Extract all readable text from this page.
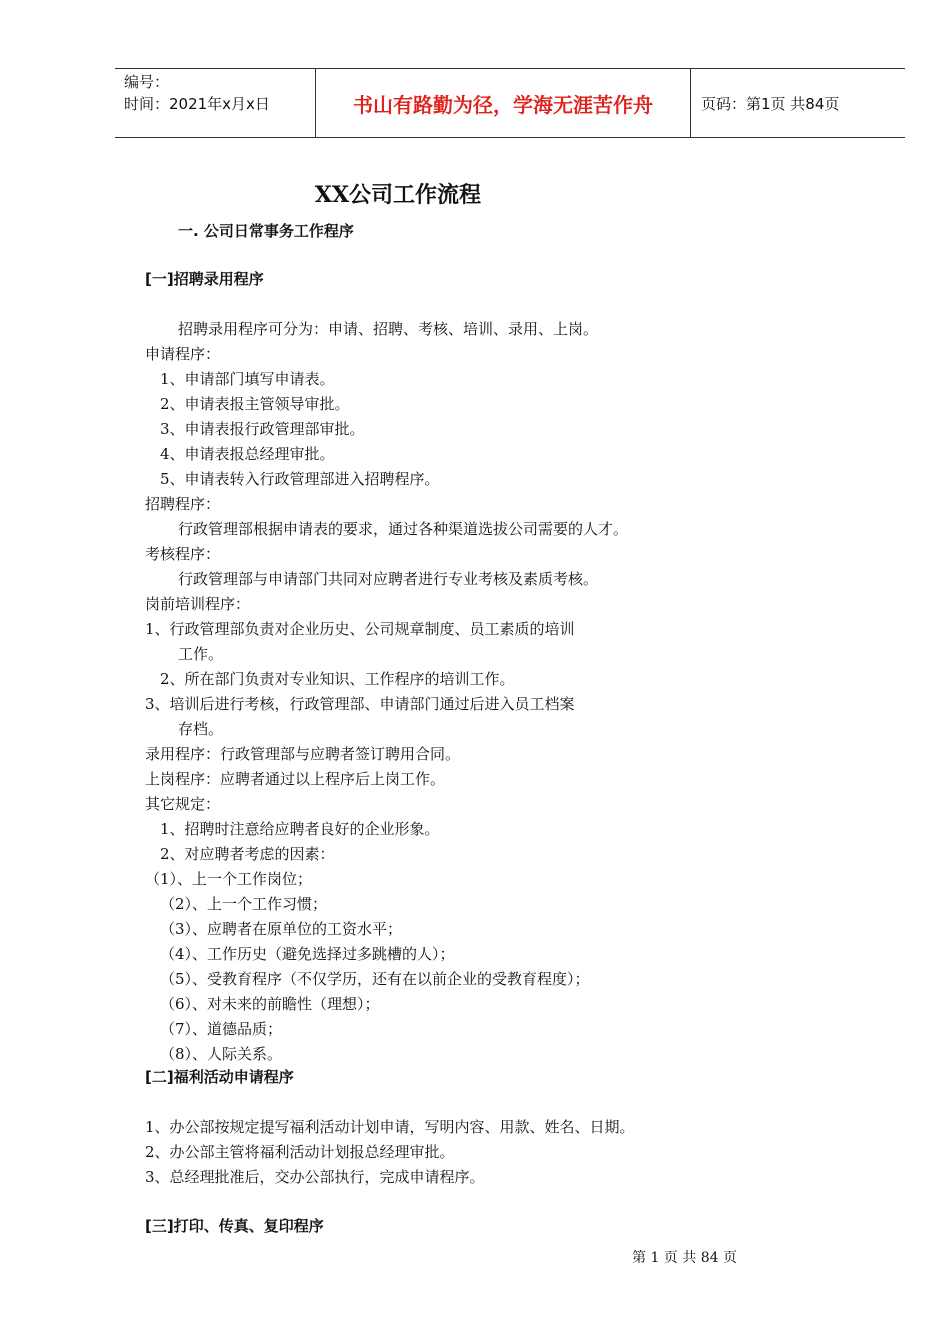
编号：
时间：2021年x月x日	书山有路勤为径，学海无涯苦作舟	页码：第1页 共84页
XX公司工作流程
一. 公司日常事务工作程序
[一]招聘录用程序
招聘录用程序可分为：申请、招聘、考核、培训、录用、上岗。
申请程序：
1、申请部门填写申请表。
2、申请表报主管领导审批。
3、申请表报行政管理部审批。
4、申请表报总经理审批。
5、申请表转入行政管理部进入招聘程序。
招聘程序：
行政管理部根据申请表的要求，通过各种渠道选拔公司需要的人才。
考核程序：
行政管理部与申请部门共同对应聘者进行专业考核及素质考核。
岗前培训程序：
1、行政管理部负责对企业历史、公司规章制度、员工素质的培训
工作。
2、所在部门负责对专业知识、工作程序的培训工作。
3、培训后进行考核，行政管理部、申请部门通过后进入员工档案
存档。
录用程序：行政管理部与应聘者签订聘用合同。
上岗程序：应聘者通过以上程序后上岗工作。
其它规定：
1、招聘时注意给应聘者良好的企业形象。
2、对应聘者考虑的因素：
（1）、上一个工作岗位；
（2）、上一个工作习惯；
（3）、应聘者在原单位的工资水平；
（4）、工作历史（避免选择过多跳槽的人）；
（5）、受教育程序（不仅学历，还有在以前企业的受教育程度）；
（6）、对未来的前瞻性（理想）；
（7）、道德品质；
（8）、人际关系。
[二]福利活动申请程序
1、办公部按规定提写福利活动计划申请，写明内容、用款、姓名、日期。
2、办公部主管将福利活动计划报总经理审批。
3、总经理批准后，交办公部执行，完成申请程序。
[三]打印、传真、复印程序
第 1 页 共 84 页
